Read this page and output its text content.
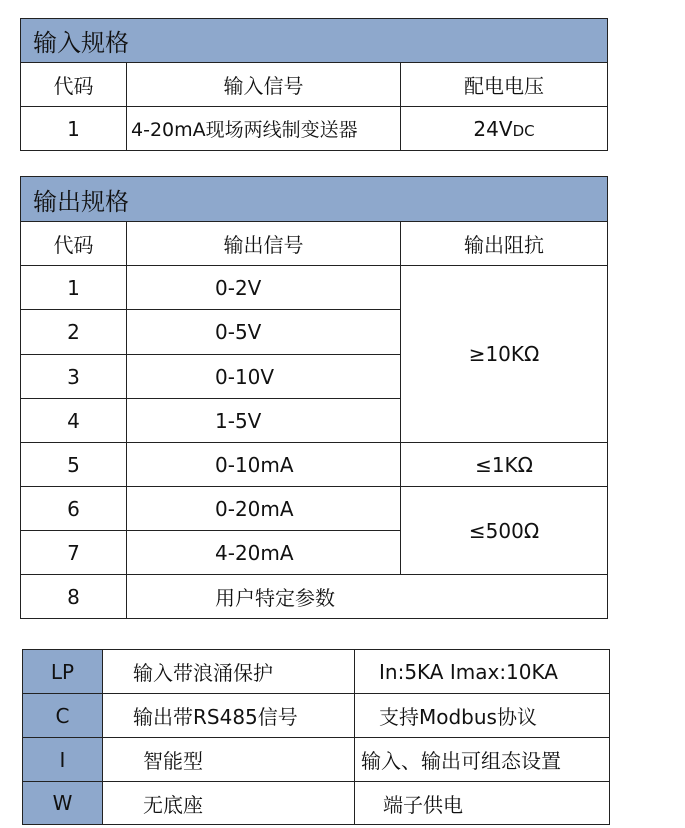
输入规格		
代码	输入信号	配电电压
1	4-20mA现场两线制变送器	24VDC
输出规格		
代码	输出信号	输出阻抗
1	0-2V	≥10KΩ
2	0-5V	
3	0-10V	
4	1-5V	
5	0-10mA	≤1KΩ
6	0-20mA	≤500Ω
7	4-20mA	
8	用户特定参数	
LP	输入带浪涌保护	In:5KA Imax:10KA
C	输出带RS485信号	支持Modbus协议
I	智能型	输入、输出可组态设置
W	无底座	端子供电
